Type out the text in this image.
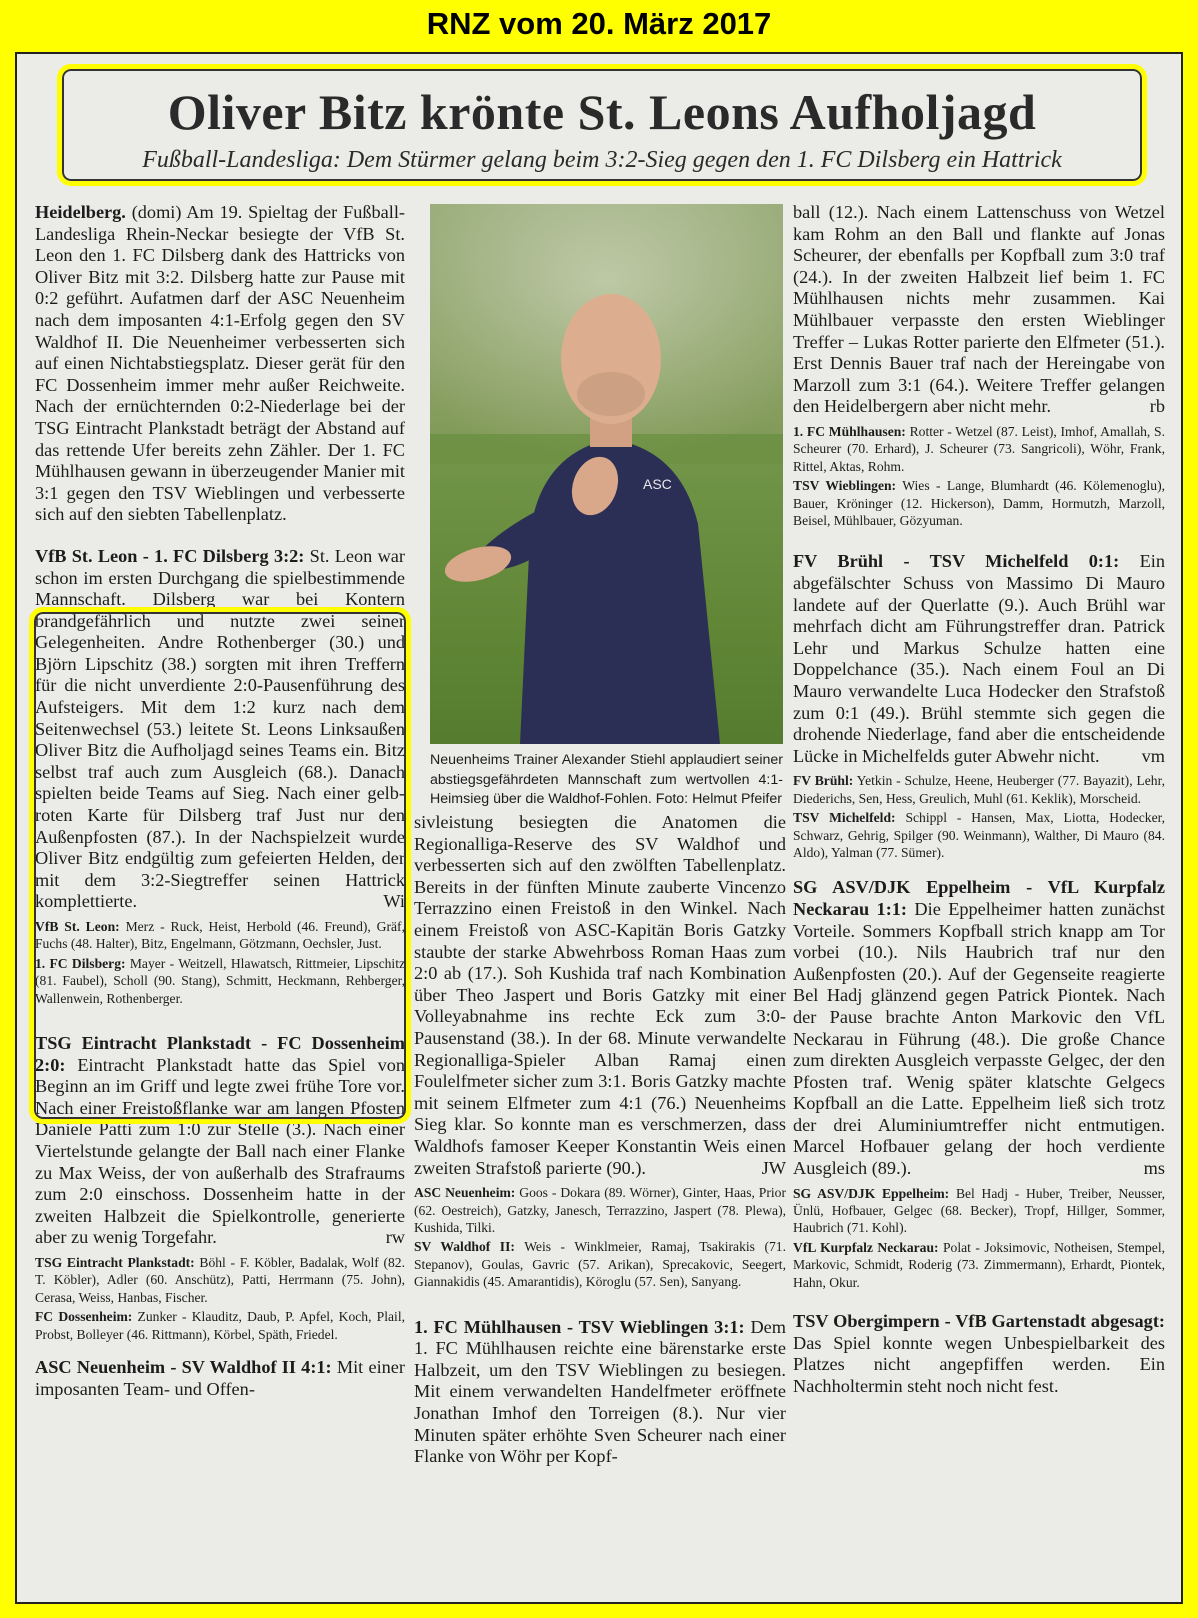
RNZ vom 20. März 2017
Oliver Bitz krönte St. Leons Aufholjagd
Fußball-Landesliga: Dem Stürmer gelang beim 3:2-Sieg gegen den 1. FC Dilsberg ein Hattrick

Heidelberg. (domi) Am 19. Spieltag der Fußball-Landesliga Rhein-Neckar besiegte der VfB St. Leon den 1. FC Dilsberg dank des Hattricks von Oliver Bitz mit 3:2. Dilsberg hatte zur Pause mit 0:2 geführt. Aufatmen darf der ASC Neuenheim nach dem imposanten 4:1-Erfolg gegen den SV Waldhof II. Die Neuenheimer verbesserten sich auf einen Nichtabstiegsplatz. Dieser gerät für den FC Dossenheim immer mehr außer Reichweite. Nach der ernüchternden 0:2-Niederlage bei der TSG Eintracht Plankstadt beträgt der Abstand auf das rettende Ufer bereits zehn Zähler. Der 1. FC Mühlhausen gewann in überzeugender Manier mit 3:1 gegen den TSV Wieblingen und verbesserte sich auf den siebten Tabellenplatz.

VfB St. Leon - 1. FC Dilsberg 3:2: St. Leon war schon im ersten Durchgang die spielbestimmende Mannschaft. Dilsberg war bei Kontern brandgefährlich und nutzte zwei seiner Gelegenheiten. Andre Rothenberger (30.) und Björn Lipschitz (38.) sorgten mit ihren Treffern für die nicht unverdiente 2:0-Pausenführung des Aufsteigers. Mit dem 1:2 kurz nach dem Seitenwechsel (53.) leitete St. Leons Linksaußen Oliver Bitz die Aufholjagd seines Teams ein. Bitz selbst traf auch zum Ausgleich (68.). Danach spielten beide Teams auf Sieg. Nach einer gelb-roten Karte für Dilsberg traf Just nur den Außenpfosten (87.). In der Nachspielzeit wurde Oliver Bitz endgültig zum gefeierten Helden, der mit dem 3:2-Siegtreffer seinen Hattrick komplettierte.	Wi

VfB St. Leon: Merz - Ruck, Heist, Herbold (46. Freund), Gräf, Fuchs (48. Halter), Bitz, Engelmann, Götzmann, Oechsler, Just.

1. FC Dilsberg: Mayer - Weitzell, Hlawatsch, Rittmeier, Lipschitz (81. Faubel), Scholl (90. Stang), Schmitt, Heckmann, Rehberger, Wallenwein, Rothenberger.

TSG Eintracht Plankstadt - FC Dossenheim 2:0: Eintracht Plankstadt hatte das Spiel von Beginn an im Griff und legte zwei frühe Tore vor. Nach einer Freistoßflanke war am langen Pfosten Daniele Patti zum 1:0 zur Stelle (3.). Nach einer Viertelstunde gelangte der Ball nach einer Flanke zu Max Weiss, der von außerhalb des Strafraums zum 2:0 einschoss. Dossenheim hatte in der zweiten Halbzeit die Spielkontrolle, generierte aber zu wenig Torgefahr.	rw

TSG Eintracht Plankstadt: Böhl - F. Köbler, Badalak, Wolf (82. T. Köbler), Adler (60. Anschütz), Patti, Herrmann (75. John), Cerasa, Weiss, Hanbas, Fischer.

FC Dossenheim: Zunker - Klauditz, Daub, P. Apfel, Koch, Plail, Probst, Bolleyer (46. Rittmann), Körbel, Späth, Friedel.

ASC Neuenheim - SV Waldhof II 4:1: Mit einer imposanten Team- und Offen-

ASC
Neuenheims Trainer Alexander Stiehl applaudiert seiner abstiegsgefährdeten Mannschaft zum wertvollen 4:1-Heimsieg über die Waldhof-Fohlen. Foto: Helmut Pfeifer

sivleistung besiegten die Anatomen die Regionalliga-Reserve des SV Waldhof und verbesserten sich auf den zwölften Tabellenplatz. Bereits in der fünften Minute zauberte Vincenzo Terrazzino einen Freistoß in den Winkel. Nach einem Freistoß von ASC-Kapitän Boris Gatzky staubte der starke Abwehrboss Roman Haas zum 2:0 ab (17.). Soh Kushida traf nach Kombination über Theo Jaspert und Boris Gatzky mit einer Volleyabnahme ins rechte Eck zum 3:0-Pausenstand (38.). In der 68. Minute verwandelte Regionalliga-Spieler Alban Ramaj einen Foulelfmeter sicher zum 3:1. Boris Gatzky machte mit seinem Elfmeter zum 4:1 (76.) Neuenheims Sieg klar. So konnte man es verschmerzen, dass Waldhofs famoser Keeper Konstantin Weis einen zweiten Strafstoß parierte (90.).	JW

ASC Neuenheim: Goos - Dokara (89. Wörner), Ginter, Haas, Prior (62. Oestreich), Gatzky, Janesch, Terrazzino, Jaspert (78. Plewa), Kushida, Tilki.

SV Waldhof II: Weis - Winklmeier, Ramaj, Tsakirakis (71. Stepanov), Goulas, Gavric (57. Arikan), Sprecakovic, Seegert, Giannakidis (45. Amarantidis), Köroglu (57. Sen), Sanyang.

1. FC Mühlhausen - TSV Wieblingen 3:1: Dem 1. FC Mühlhausen reichte eine bärenstarke erste Halbzeit, um den TSV Wieblingen zu besiegen. Mit einem verwandelten Handelfmeter eröffnete Jonathan Imhof den Torreigen (8.). Nur vier Minuten später erhöhte Sven Scheurer nach einer Flanke von Wöhr per Kopf-

ball (12.). Nach einem Lattenschuss von Wetzel kam Rohm an den Ball und flankte auf Jonas Scheurer, der ebenfalls per Kopfball zum 3:0 traf (24.). In der zweiten Halbzeit lief beim 1. FC Mühlhausen nichts mehr zusammen. Kai Mühlbauer verpasste den ersten Wieblinger Treffer – Lukas Rotter parierte den Elfmeter (51.). Erst Dennis Bauer traf nach der Hereingabe von Marzoll zum 3:1 (64.). Weitere Treffer gelangen den Heidelbergern aber nicht mehr.	rb

1. FC Mühlhausen: Rotter - Wetzel (87. Leist), Imhof, Amallah, S. Scheurer (70. Erhard), J. Scheurer (73. Sangricoli), Wöhr, Frank, Rittel, Aktas, Rohm.

TSV Wieblingen: Wies - Lange, Blumhardt (46. Kölemenoglu), Bauer, Kröninger (12. Hickerson), Damm, Hormutzh, Marzoll, Beisel, Mühlbauer, Gözyuman.

FV Brühl - TSV Michelfeld 0:1: Ein abgefälschter Schuss von Massimo Di Mauro landete auf der Querlatte (9.). Auch Brühl war mehrfach dicht am Führungstreffer dran. Patrick Lehr und Markus Schulze hatten eine Doppelchance (35.). Nach einem Foul an Di Mauro verwandelte Luca Hodecker den Strafstoß zum 0:1 (49.). Brühl stemmte sich gegen die drohende Niederlage, fand aber die entscheidende Lücke in Michelfelds guter Abwehr nicht. vm

FV Brühl: Yetkin - Schulze, Heene, Heuberger (77. Bayazit), Lehr, Diederichs, Sen, Hess, Greulich, Muhl (61. Keklik), Morscheid.

TSV Michelfeld: Schippl - Hansen, Max, Liotta, Hodecker, Schwarz, Gehrig, Spilger (90. Weinmann), Walther, Di Mauro (84. Aldo), Yalman (77. Sümer).

SG ASV/DJK Eppelheim - VfL Kurpfalz Neckarau 1:1: Die Eppelheimer hatten zunächst Vorteile. Sommers Kopfball strich knapp am Tor vorbei (10.). Nils Haubrich traf nur den Außenpfosten (20.). Auf der Gegenseite reagierte Bel Hadj glänzend gegen Patrick Piontek. Nach der Pause brachte Anton Markovic den VfL Neckarau in Führung (48.). Die große Chance zum direkten Ausgleich verpasste Gelgec, der den Pfosten traf. Wenig später klatschte Gelgecs Kopfball an die Latte. Eppelheim ließ sich trotz der drei Aluminiumtreffer nicht entmutigen. Marcel Hofbauer gelang der hoch verdiente Ausgleich (89.).	ms

SG ASV/DJK Eppelheim: Bel Hadj - Huber, Treiber, Neusser, Ünlü, Hofbauer, Gelgec (68. Becker), Tropf, Hillger, Sommer, Haubrich (71. Kohl).

VfL Kurpfalz Neckarau: Polat - Joksimovic, Notheisen, Stempel, Markovic, Schmidt, Roderig (73. Zimmermann), Erhardt, Piontek, Hahn, Okur.

TSV Obergimpern - VfB Gartenstadt abgesagt: Das Spiel konnte wegen Unbespielbarkeit des Platzes nicht angepfiffen werden. Ein Nachholtermin steht noch nicht fest.
